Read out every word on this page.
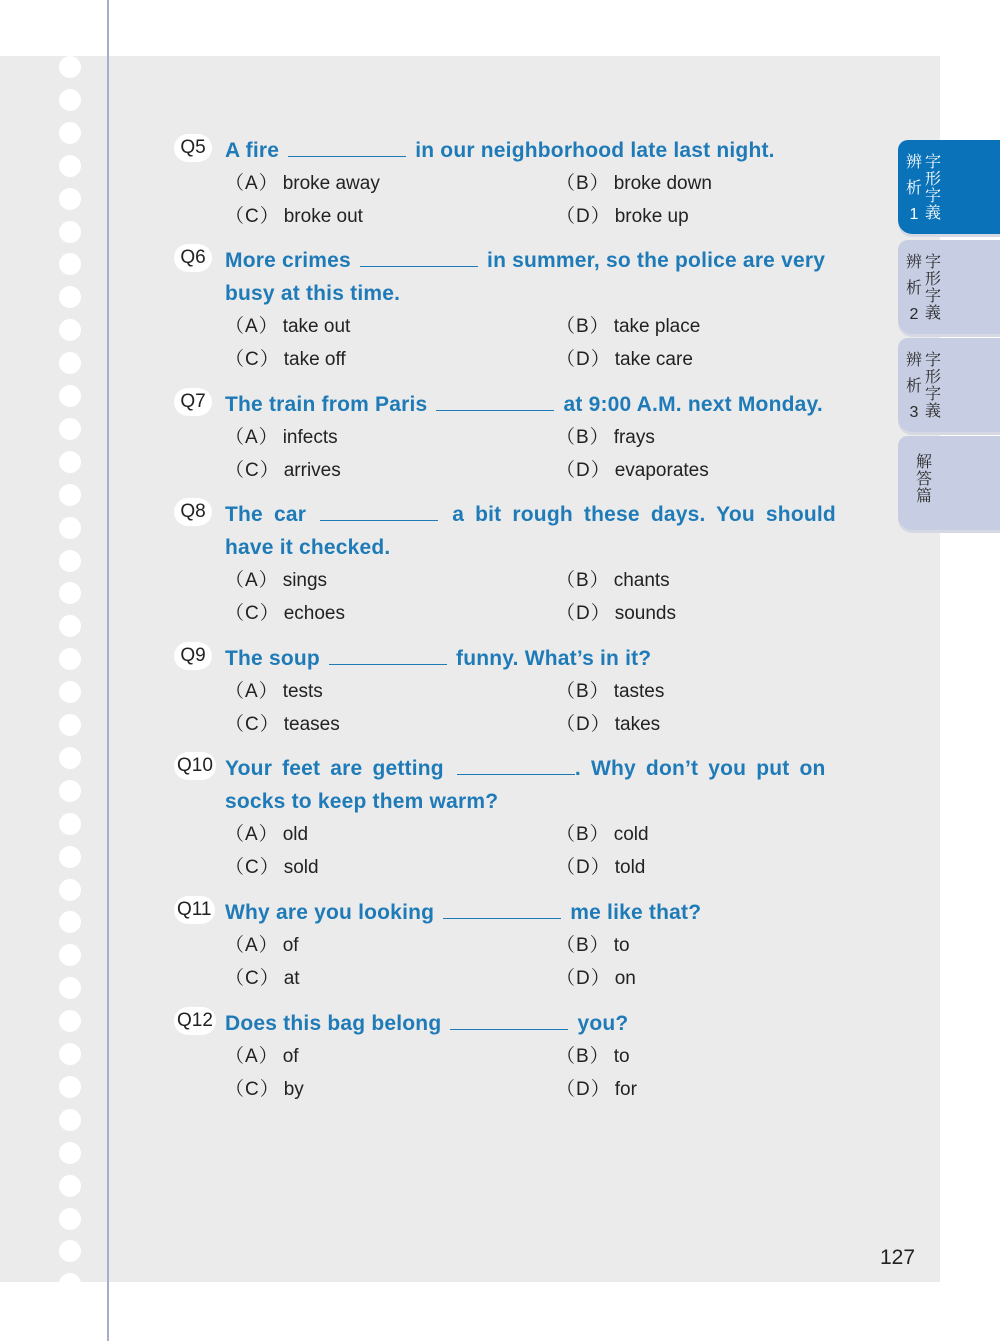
辨
析
1
字
形
字
義
辨
析
2
字
形
字
義
辨
析
3
字
形
字
義
解
答
篇
Q5 A fire	in our neighborhood late last night.
（A） broke away	（B） broke down
（C） broke out	（D） broke up
Q6 More crimes	in summer, so the police are very
busy at this time.
（A） take out	（B） take place
（C） take off	（D） take care
Q7 The train from Paris	at 9:00 A.M. next Monday.
（A） infects	（B） frays
（C） arrives	（D） evaporates
Q8 The car	a bit rough these days. You should
have it checked.
（A） sings	（B） chants
（C） echoes	（D） sounds
Q9 The soup	funny. What’s in it?
（A） tests	（B） tastes
（C） teases	（D） takes
Q10 Your feet are getting	. Why don’t you put on
socks to keep them warm?
（A） old	（B） cold
（C） sold	（D） told
Q11 Why are you looking	me like that?
（A） of	（B） to
（C） at	（D） on
Q12 Does this bag belong	you?
（A） of	（B） to
（C） by	（D） for
127
